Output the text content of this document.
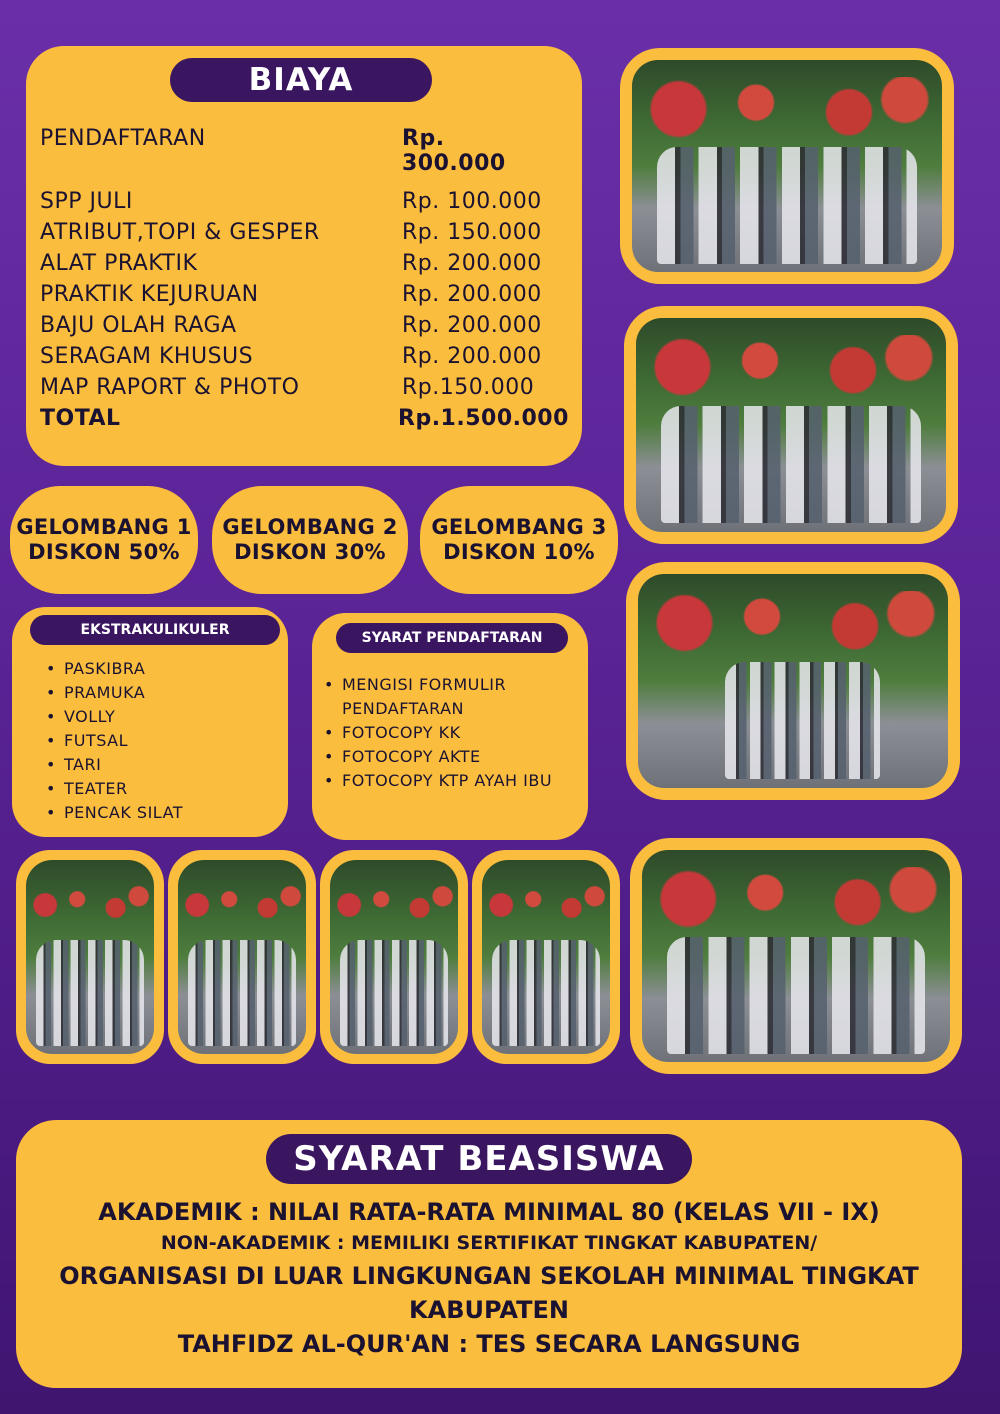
BIAYA
PENDAFTARAN	Rp. 300.000
SPP JULI	Rp. 100.000
ATRIBUT,TOPI & GESPER	Rp. 150.000
ALAT PRAKTIK	Rp. 200.000
PRAKTIK KEJURUAN	Rp. 200.000
BAJU OLAH RAGA	Rp. 200.000
SERAGAM KHUSUS	Rp. 200.000
MAP RAPORT & PHOTO	Rp.150.000
TOTAL	Rp.1.500.000
GELOMBANG 1
DISKON 50%
GELOMBANG 2
DISKON 30%
GELOMBANG 3
DISKON 10%
EKSTRAKULIKULER
• PASKIBRA
• PRAMUKA
• VOLLY
• FUTSAL
• TARI
• TEATER
• PENCAK SILAT
SYARAT PENDAFTARAN
• MENGISI FORMULIR PENDAFTARAN
• FOTOCOPY KK
• FOTOCOPY AKTE
• FOTOCOPY KTP AYAH IBU
SYARAT BEASISWA
AKADEMIK : NILAI RATA-RATA MINIMAL 80 (KELAS VII - IX)
NON-AKADEMIK : MEMILIKI SERTIFIKAT TINGKAT KABUPATEN/
ORGANISASI DI LUAR LINGKUNGAN SEKOLAH MINIMAL TINGKAT
KABUPATEN
TAHFIDZ AL-QUR'AN : TES SECARA LANGSUNG
